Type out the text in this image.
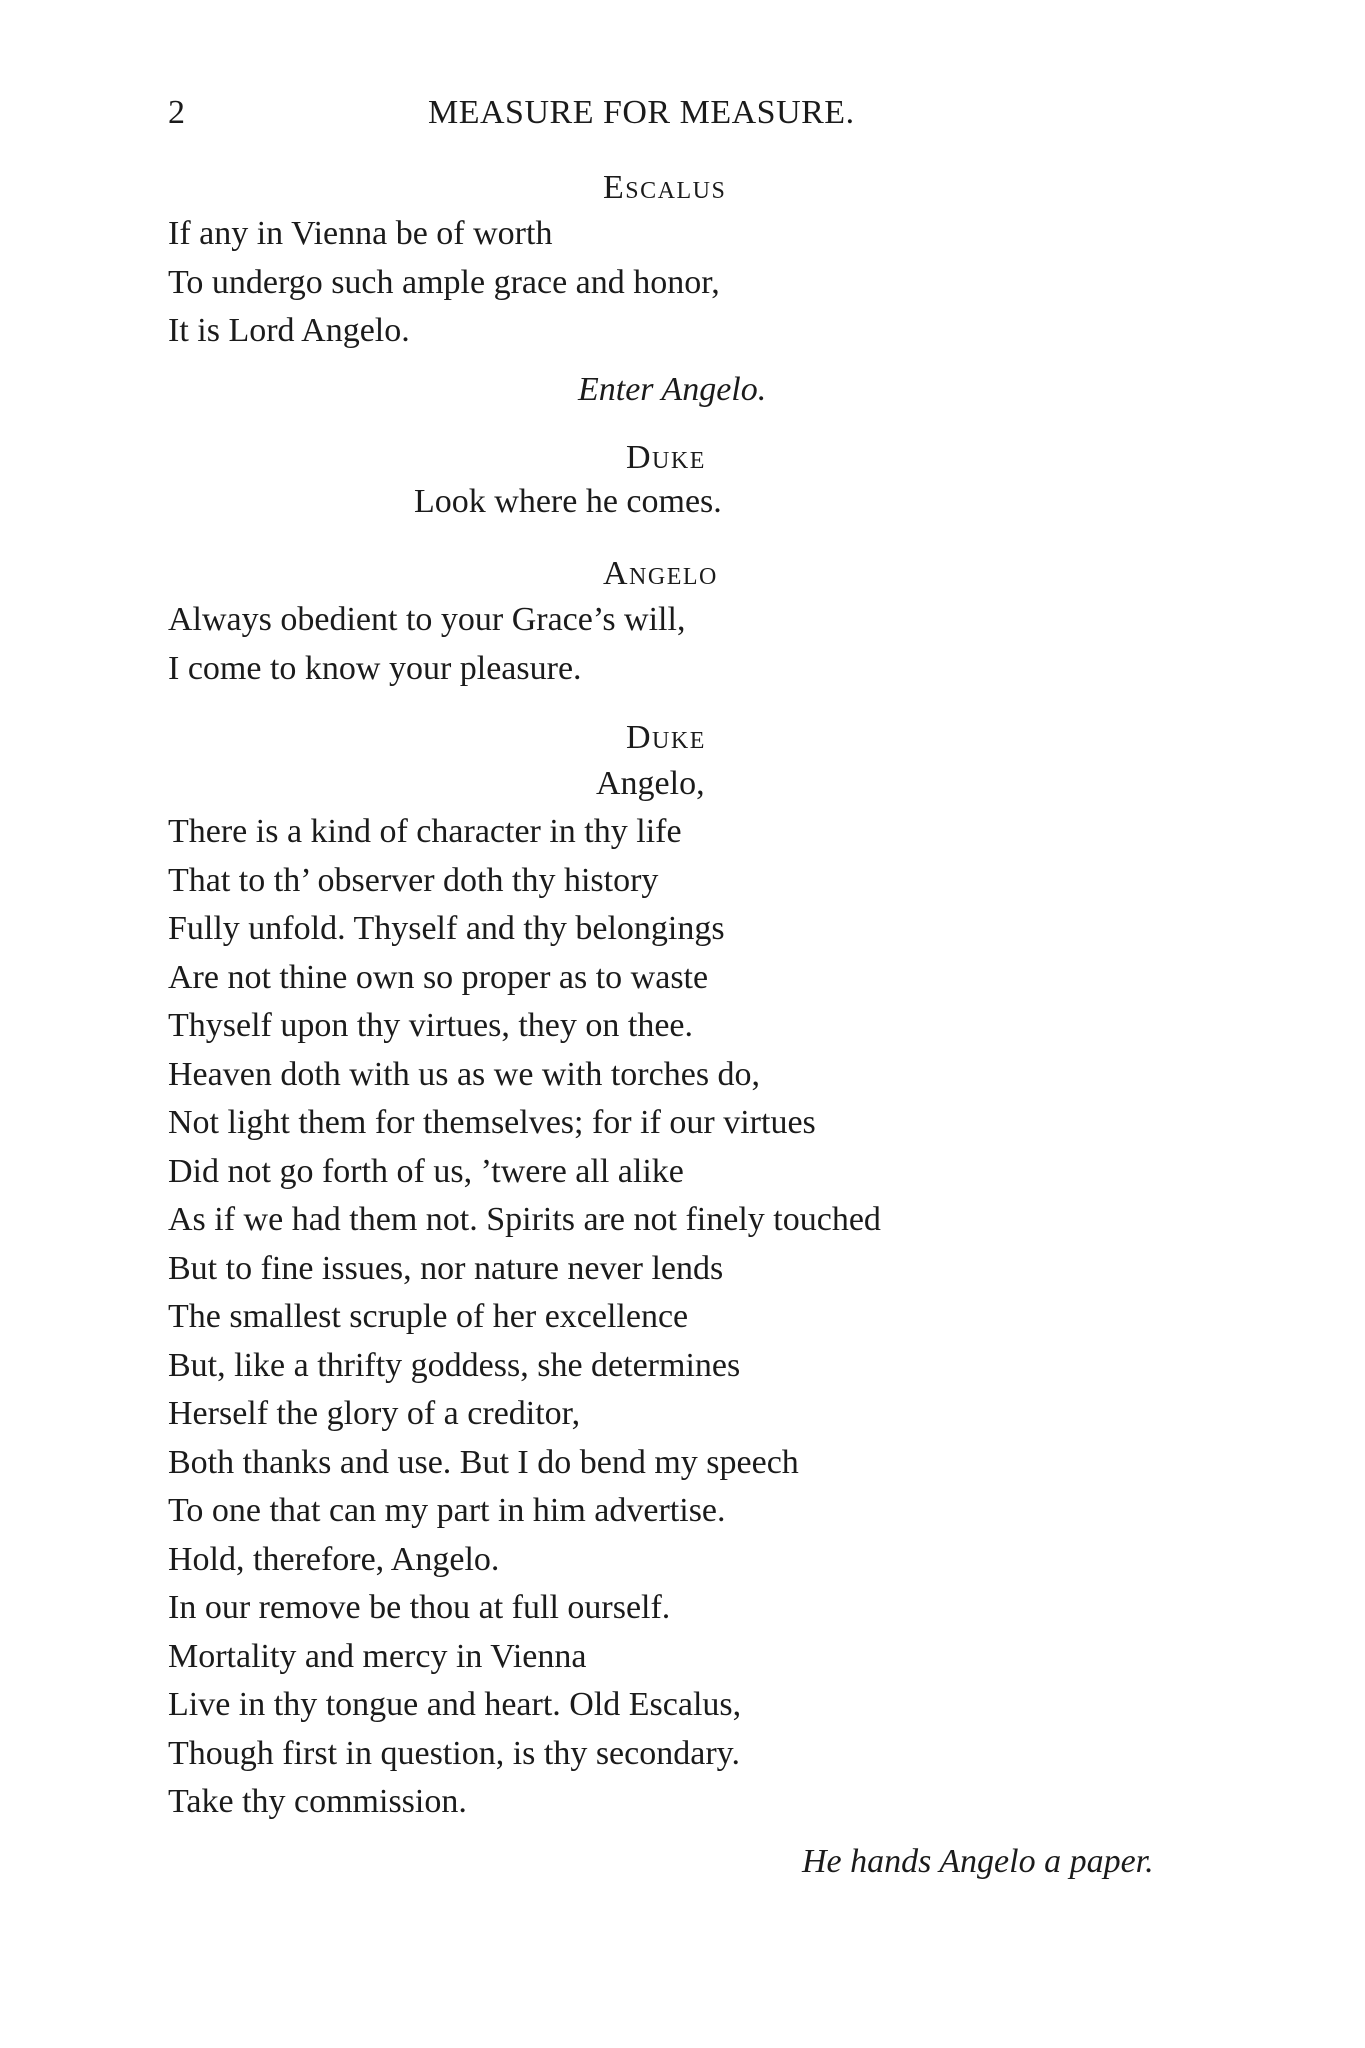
2	MEASURE FOR MEASURE.
Escalus
If any in Vienna be of worth
To undergo such ample grace and honor,
It is Lord Angelo.
Enter Angelo.
Duke
Look where he comes.
Angelo
Always obedient to your Grace’s will,
I come to know your pleasure.
Duke
Angelo,
There is a kind of character in thy life
That to th’ observer doth thy history
Fully unfold. Thyself and thy belongings
Are not thine own so proper as to waste
Thyself upon thy virtues, they on thee.
Heaven doth with us as we with torches do,
Not light them for themselves; for if our virtues
Did not go forth of us, ’twere all alike
As if we had them not. Spirits are not finely touched
But to fine issues, nor nature never lends
The smallest scruple of her excellence
But, like a thrifty goddess, she determines
Herself the glory of a creditor,
Both thanks and use. But I do bend my speech
To one that can my part in him advertise.
Hold, therefore, Angelo.
In our remove be thou at full ourself.
Mortality and mercy in Vienna
Live in thy tongue and heart. Old Escalus,
Though first in question, is thy secondary.
Take thy commission.
He hands Angelo a paper.
